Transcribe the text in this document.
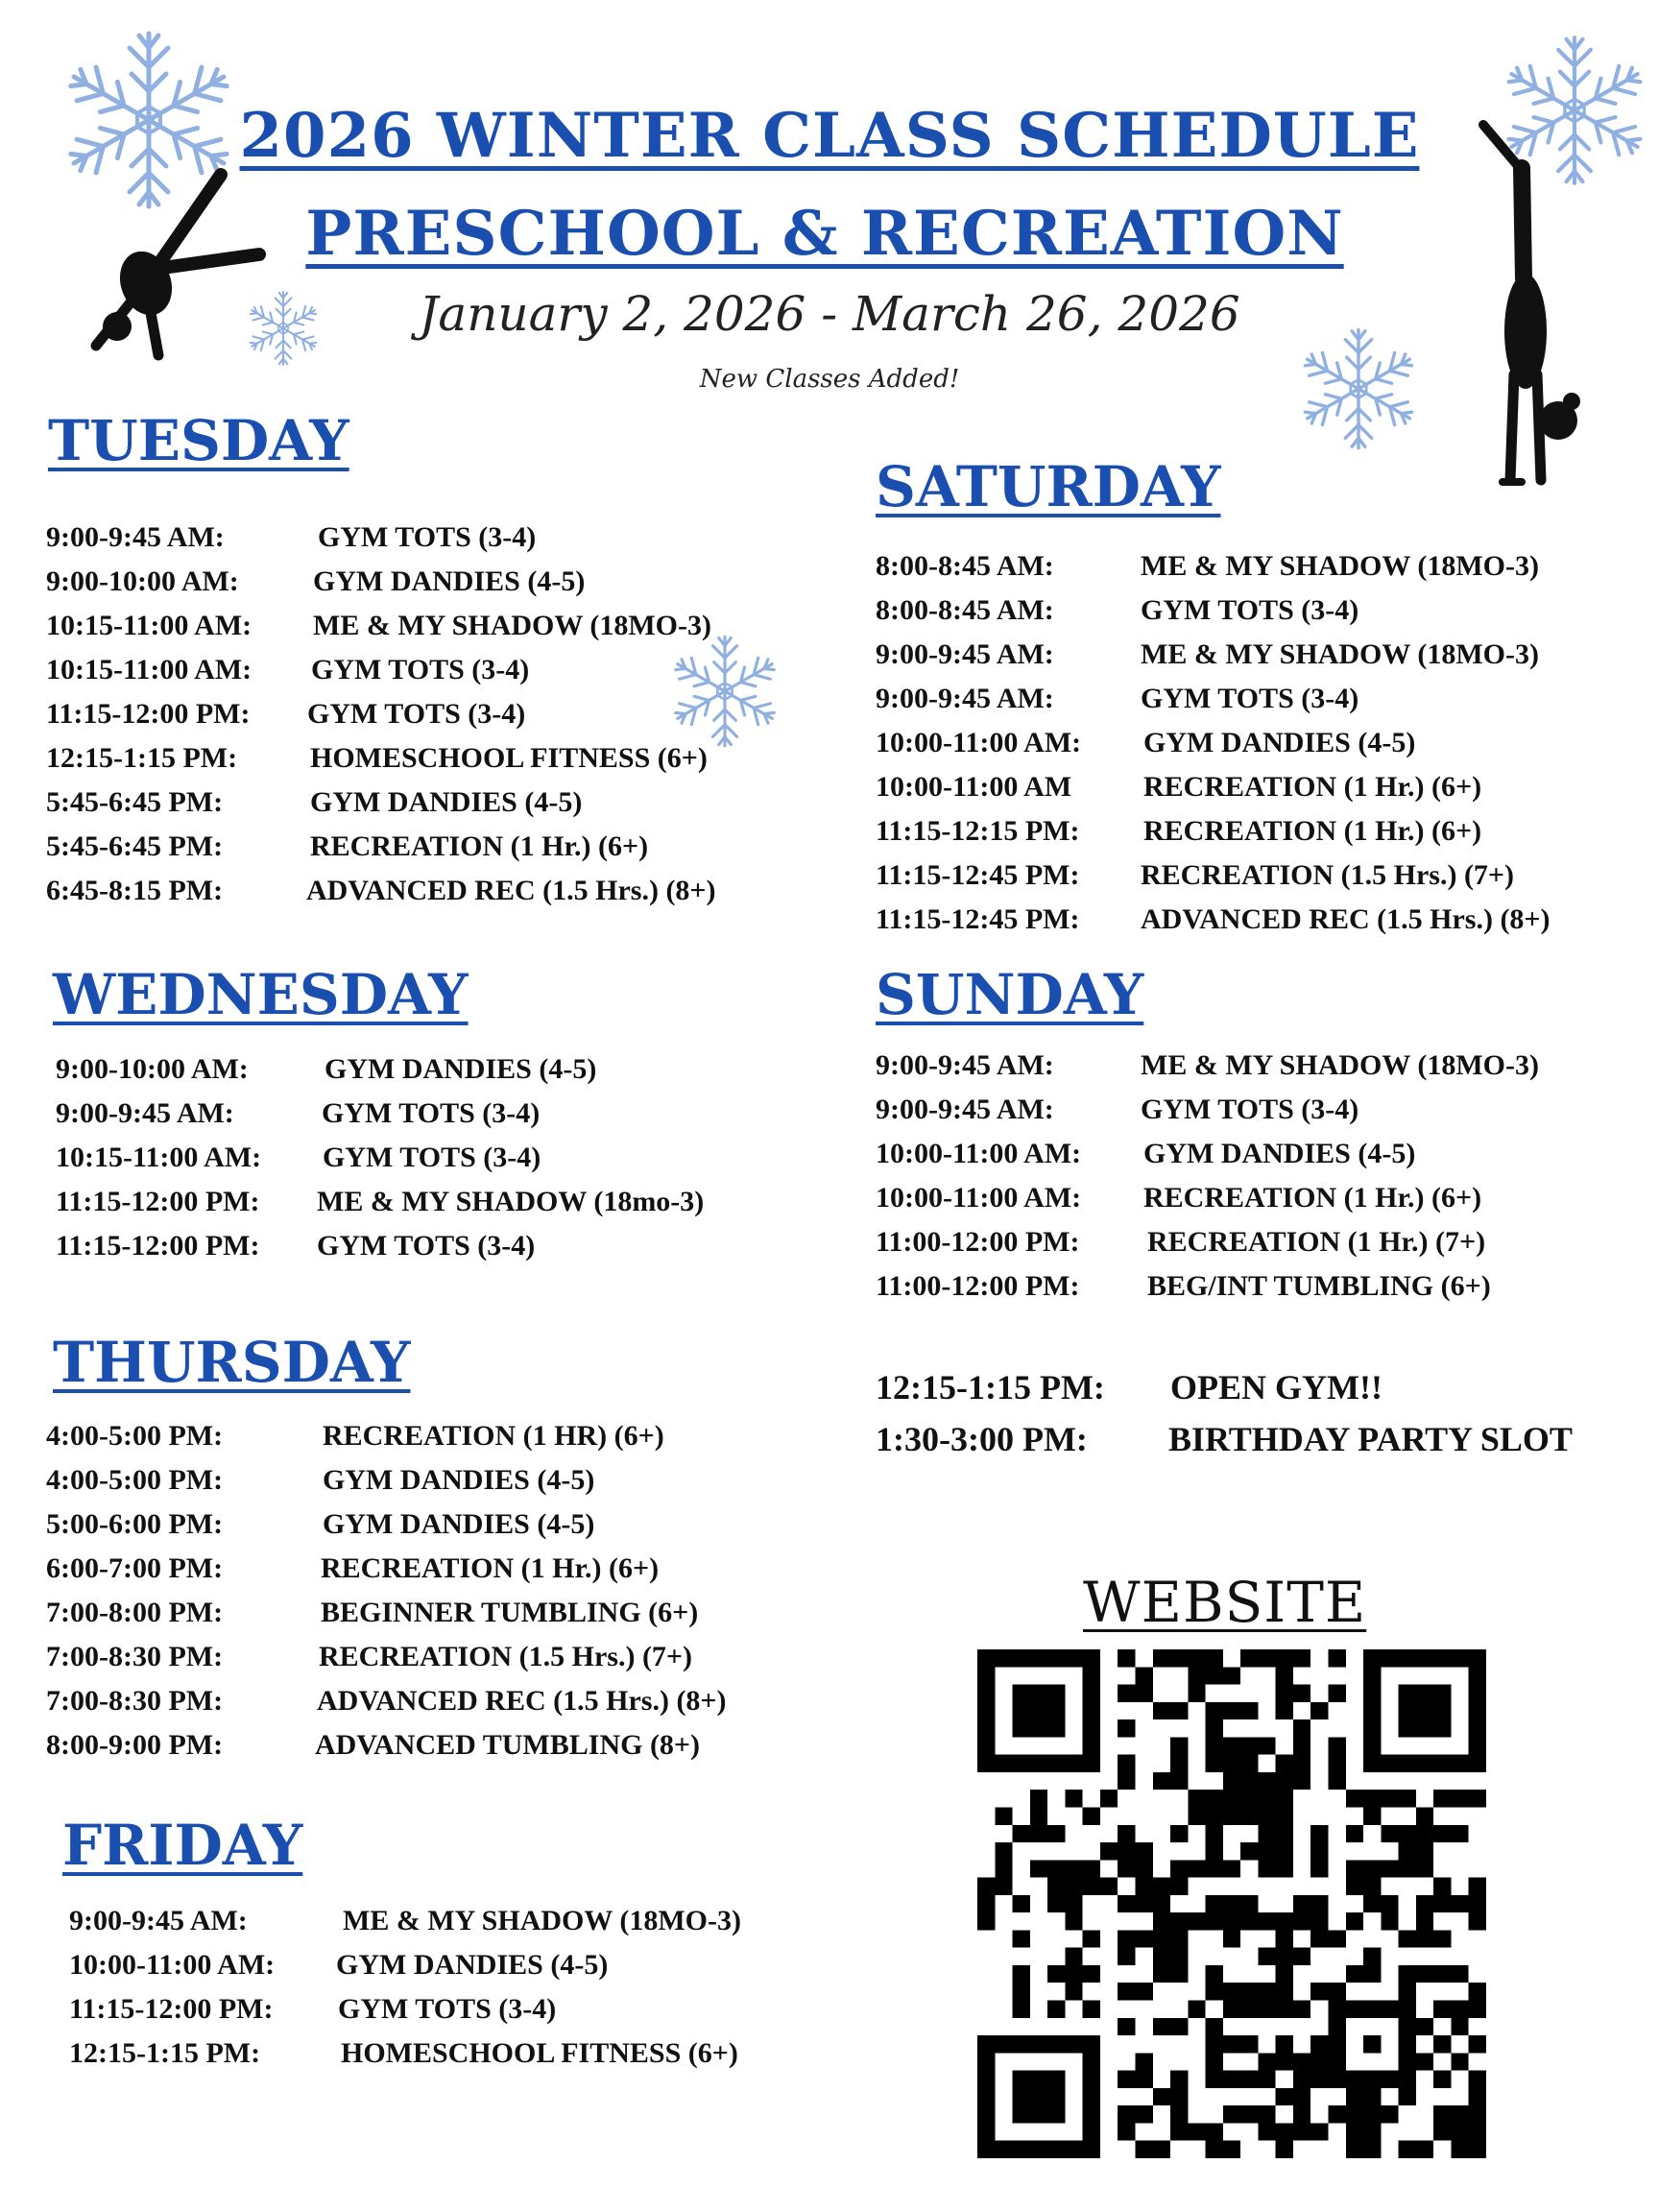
2026 WINTER CLASS SCHEDULE
PRESCHOOL & RECREATION
January 2, 2026 - March 26, 2026
New Classes Added!
TUESDAY
9:00-9:45 AM:	GYM TOTS (3-4)
9:00-10:00 AM:	GYM DANDIES (4-5)
10:15-11:00 AM: ME & MY SHADOW (18MO-3)
10:15-11:00 AM: GYM TOTS (3-4)
11:15-12:00 PM: GYM TOTS (3-4)
12:15-1:15 PM:	HOMESCHOOL FITNESS (6+)
5:45-6:45 PM:	GYM DANDIES (4-5)
5:45-6:45 PM:	RECREATION (1 Hr.) (6+)
6:45-8:15 PM:	ADVANCED REC (1.5 Hrs.) (8+)
WEDNESDAY
9:00-10:00 AM:	GYM DANDIES (4-5)
9:00-9:45 AM:	GYM TOTS (3-4)
10:15-11:00 AM: GYM TOTS (3-4)
11:15-12:00 PM: ME & MY SHADOW (18mo-3)
11:15-12:00 PM: GYM TOTS (3-4)
THURSDAY
4:00-5:00 PM:	RECREATION (1 HR) (6+)
4:00-5:00 PM:	GYM DANDIES (4-5)
5:00-6:00 PM:	GYM DANDIES (4-5)
6:00-7:00 PM:	RECREATION (1 Hr.) (6+)
7:00-8:00 PM:	BEGINNER TUMBLING (6+)
7:00-8:30 PM:	RECREATION (1.5 Hrs.) (7+)
7:00-8:30 PM:	ADVANCED REC (1.5 Hrs.) (8+)
8:00-9:00 PM:	ADVANCED TUMBLING (8+)
FRIDAY
9:00-9:45 AM:	ME & MY SHADOW (18MO-3)
10:00-11:00 AM: GYM DANDIES (4-5)
11:15-12:00 PM: GYM TOTS (3-4)
12:15-1:15 PM:	HOMESCHOOL FITNESS (6+)
SATURDAY
8:00-8:45 AM:	ME & MY SHADOW (18MO-3)
8:00-8:45 AM:	GYM TOTS (3-4)
9:00-9:45 AM:	ME & MY SHADOW (18MO-3)
9:00-9:45 AM:	GYM TOTS (3-4)
10:00-11:00 AM: GYM DANDIES (4-5)
10:00-11:00 AM RECREATION (1 Hr.) (6+)
11:15-12:15 PM: RECREATION (1 Hr.) (6+)
11:15-12:45 PM: RECREATION (1.5 Hrs.) (7+)
11:15-12:45 PM: ADVANCED REC (1.5 Hrs.) (8+)
SUNDAY
9:00-9:45 AM:	ME & MY SHADOW (18MO-3)
9:00-9:45 AM:	GYM TOTS (3-4)
10:00-11:00 AM: GYM DANDIES (4-5)
10:00-11:00 AM: RECREATION (1 Hr.) (6+)
11:00-12:00 PM: RECREATION (1 Hr.) (7+)
11:00-12:00 PM: BEG/INT TUMBLING (6+)
12:15-1:15 PM: OPEN GYM!!
1:30-3:00 PM: BIRTHDAY PARTY SLOT
WEBSITE
